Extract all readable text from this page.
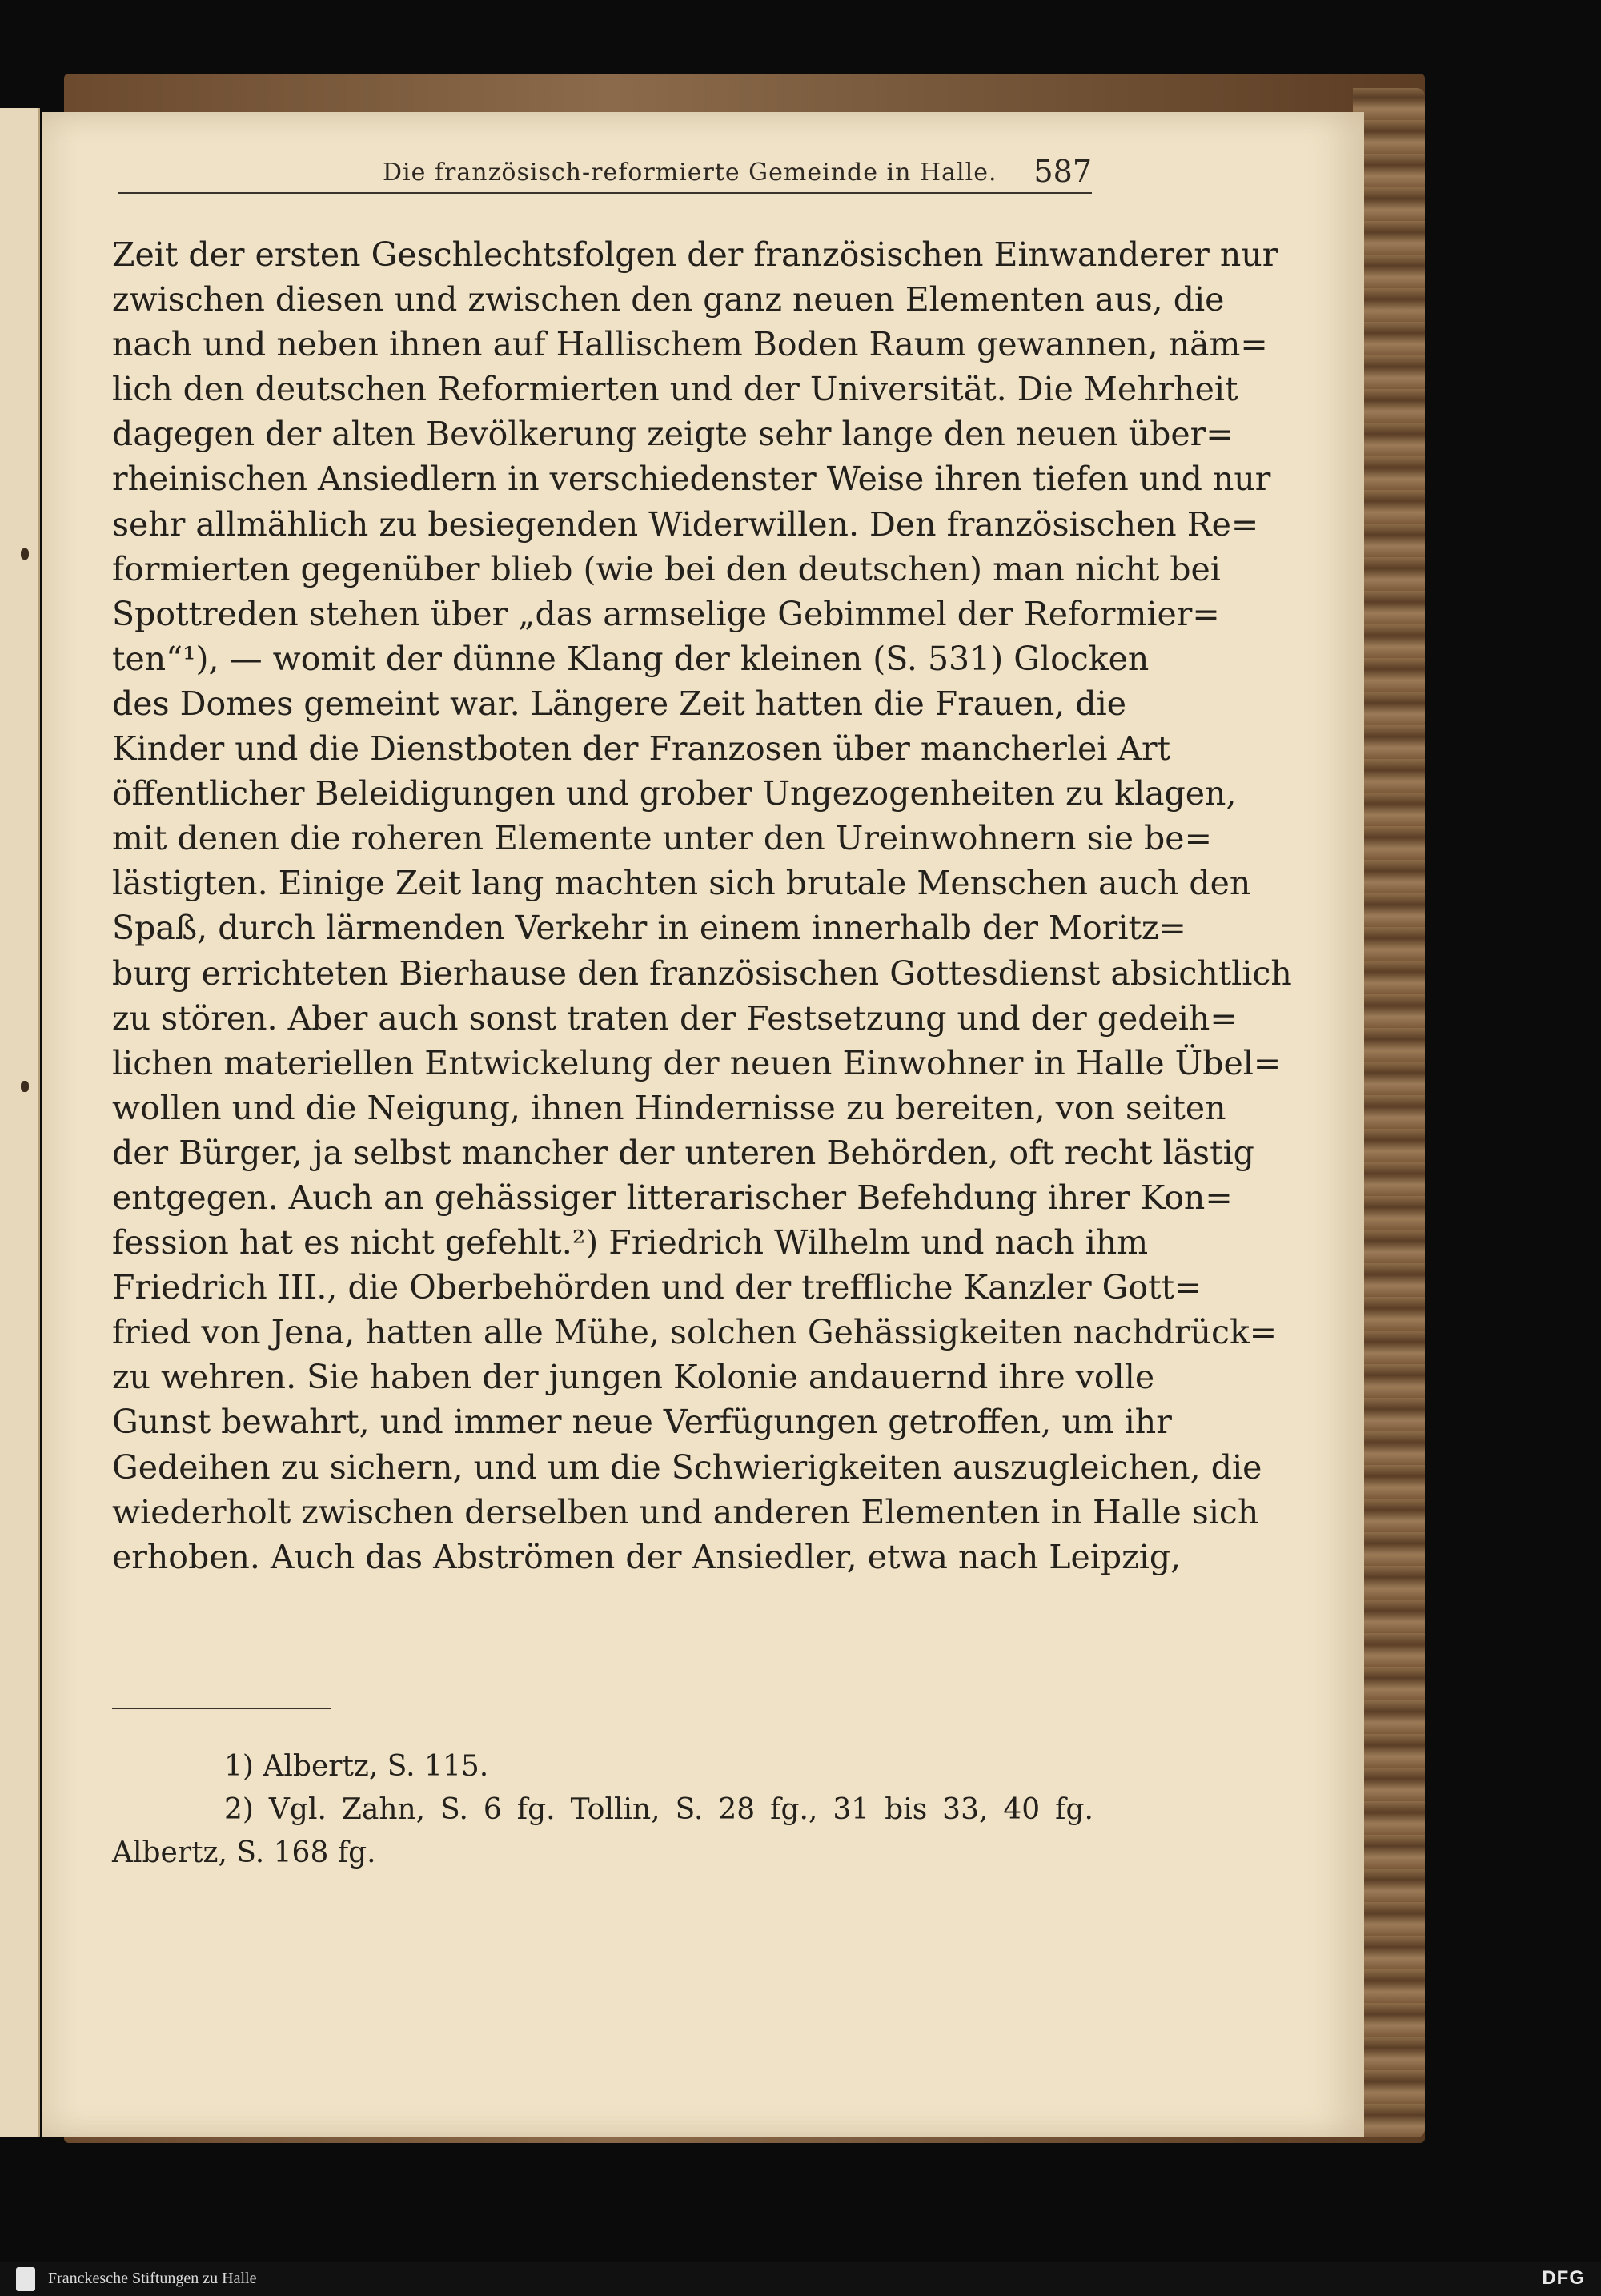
Die französisch-reformierte Gemeinde in Halle. 587
Zeit der ersten Geschlechtsfolgen der französischen Einwanderer nur
zwischen diesen und zwischen den ganz neuen Elementen aus, die
nach und neben ihnen auf Hallischem Boden Raum gewannen, näm=
lich den deutschen Reformierten und der Universität. Die Mehrheit
dagegen der alten Bevölkerung zeigte sehr lange den neuen über=
rheinischen Ansiedlern in verschiedenster Weise ihren tiefen und nur
sehr allmählich zu besiegenden Widerwillen. Den französischen Re=
formierten gegenüber blieb (wie bei den deutschen) man nicht bei
Spottreden stehen über „das armselige Gebimmel der Reformier=
ten“¹), — womit der dünne Klang der kleinen (S. 531) Glocken
des Domes gemeint war. Längere Zeit hatten die Frauen, die
Kinder und die Dienstboten der Franzosen über mancherlei Art
öffentlicher Beleidigungen und grober Ungezogenheiten zu klagen,
mit denen die roheren Elemente unter den Ureinwohnern sie be=
lästigten. Einige Zeit lang machten sich brutale Menschen auch den
Spaß, durch lärmenden Verkehr in einem innerhalb der Moritz=
burg errichteten Bierhause den französischen Gottesdienst absichtlich
zu stören. Aber auch sonst traten der Festsetzung und der gedeih=
lichen materiellen Entwickelung der neuen Einwohner in Halle Übel=
wollen und die Neigung, ihnen Hindernisse zu bereiten, von seiten
der Bürger, ja selbst mancher der unteren Behörden, oft recht lästig
entgegen. Auch an gehässiger litterarischer Befehdung ihrer Kon=
fession hat es nicht gefehlt.²) Friedrich Wilhelm und nach ihm
Friedrich III., die Oberbehörden und der treffliche Kanzler Gott=
fried von Jena, hatten alle Mühe, solchen Gehässigkeiten nachdrück=
zu wehren. Sie haben der jungen Kolonie andauernd ihre volle
Gunst bewahrt, und immer neue Verfügungen getroffen, um ihr
Gedeihen zu sichern, und um die Schwierigkeiten auszugleichen, die
wiederholt zwischen derselben und anderen Elementen in Halle sich
erhoben. Auch das Abströmen der Ansiedler, etwa nach Leipzig,
1) Albertz, S. 115.
2) Vgl. Zahn, S. 6 fg. Tollin, S. 28 fg., 31 bis 33, 40 fg.
Albertz, S. 168 fg.
Franckesche Stiftungen zu Halle	DFG
